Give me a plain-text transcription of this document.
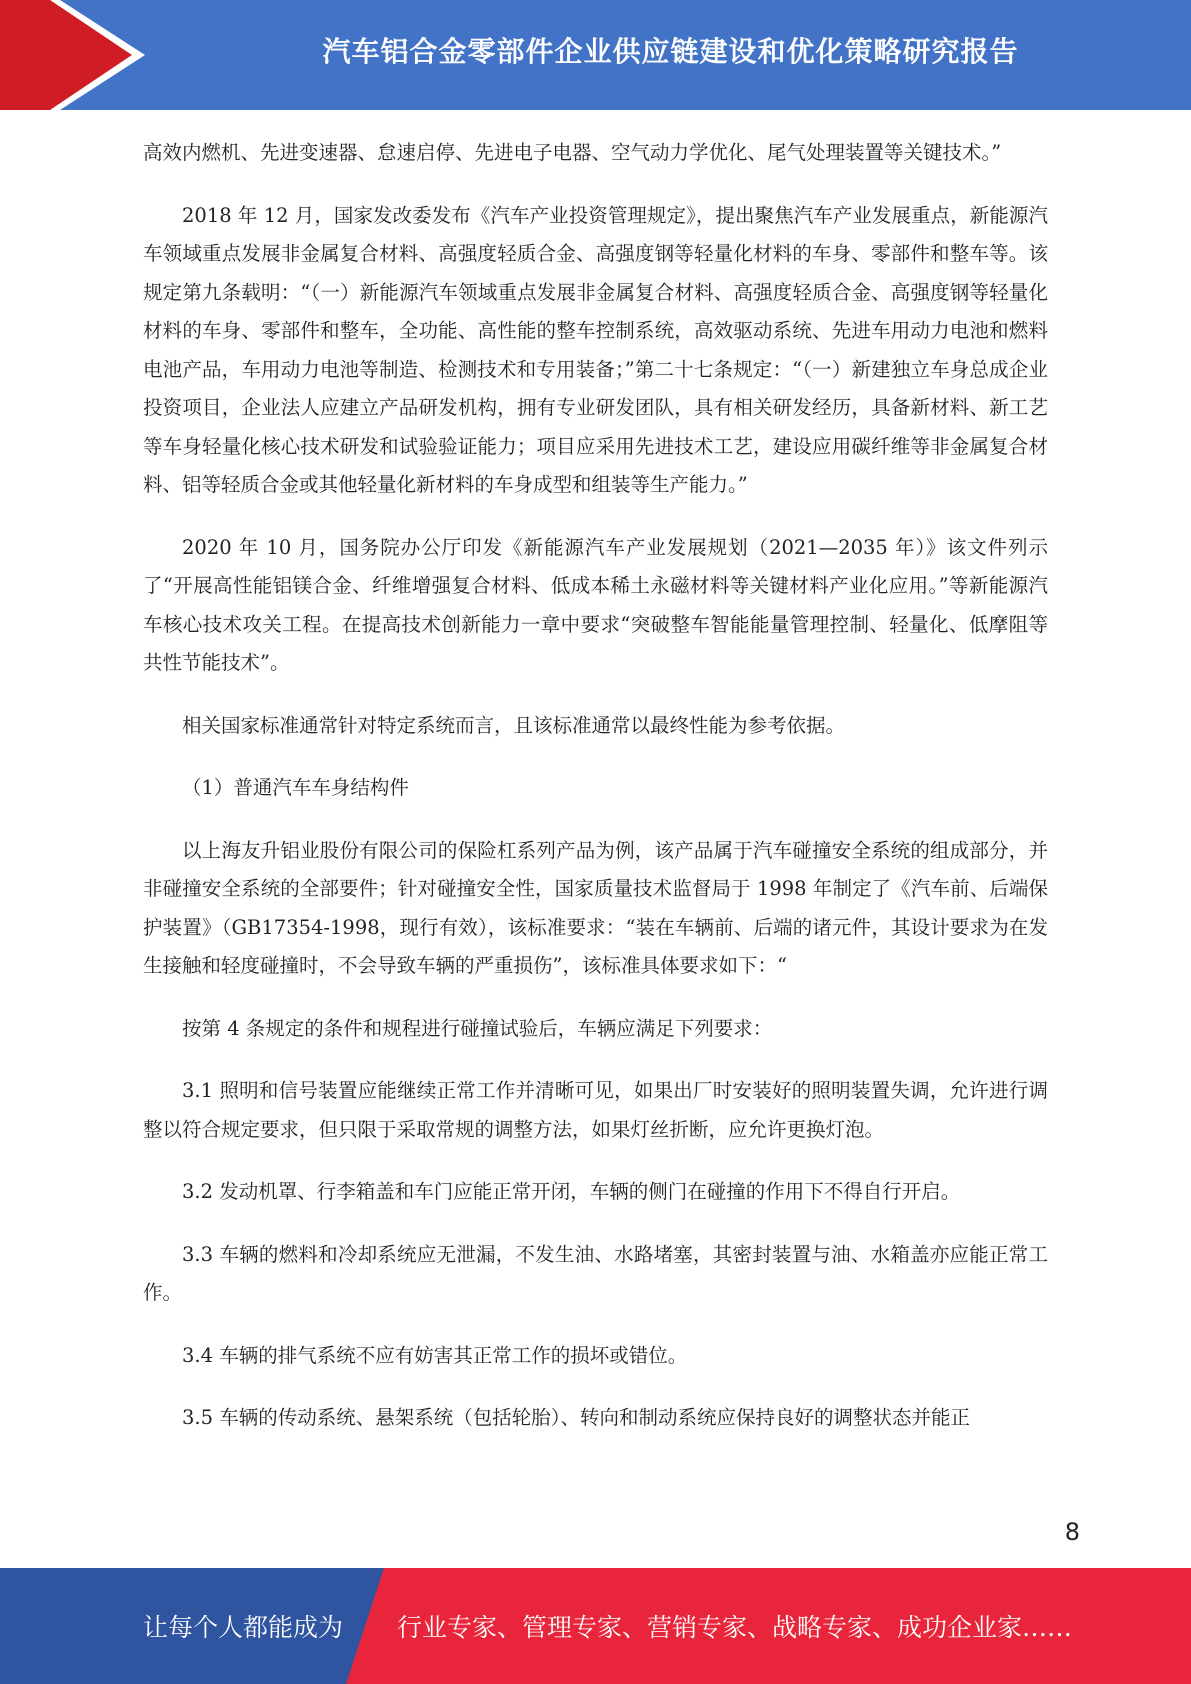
汽车铝合金零部件企业供应链建设和优化策略研究报告

高效内燃机、先进变速器、怠速启停、先进电子电器、空气动力学优化、尾气处理装置等关键技术。”

2018 年 12 月，国家发改委发布《汽车产业投资管理规定》，提出聚焦汽车产业发展重点，新能源汽车领域重点发展非金属复合材料、高强度轻质合金、高强度钢等轻量化材料的车身、零部件和整车等。该规定第九条载明：“（一）新能源汽车领域重点发展非金属复合材料、高强度轻质合金、高强度钢等轻量化材料的车身、零部件和整车，全功能、高性能的整车控制系统，高效驱动系统、先进车用动力电池和燃料电池产品，车用动力电池等制造、检测技术和专用装备；”第二十七条规定：“（一）新建独立车身总成企业投资项目，企业法人应建立产品研发机构，拥有专业研发团队，具有相关研发经历，具备新材料、新工艺等车身轻量化核心技术研发和试验验证能力；项目应采用先进技术工艺，建设应用碳纤维等非金属复合材料、铝等轻质合金或其他轻量化新材料的车身成型和组装等生产能力。”

2020 年 10 月，国务院办公厅印发《新能源汽车产业发展规划（2021—2035 年）》该文件列示了“开展高性能铝镁合金、纤维增强复合材料、低成本稀土永磁材料等关键材料产业化应用。”等新能源汽车核心技术攻关工程。在提高技术创新能力一章中要求“突破整车智能能量管理控制、轻量化、低摩阻等共性节能技术”。

相关国家标准通常针对特定系统而言，且该标准通常以最终性能为参考依据。

（1）普通汽车车身结构件

以上海友升铝业股份有限公司的保险杠系列产品为例，该产品属于汽车碰撞安全系统的组成部分，并非碰撞安全系统的全部要件；针对碰撞安全性，国家质量技术监督局于 1998 年制定了《汽车前、后端保护装置》（GB17354-1998，现行有效），该标准要求：“装在车辆前、后端的诸元件，其设计要求为在发生接触和轻度碰撞时，不会导致车辆的严重损伤”，该标准具体要求如下：“

按第 4 条规定的条件和规程进行碰撞试验后，车辆应满足下列要求：

3.1 照明和信号装置应能继续正常工作并清晰可见，如果出厂时安装好的照明装置失调，允许进行调整以符合规定要求，但只限于采取常规的调整方法，如果灯丝折断，应允许更换灯泡。

3.2 发动机罩、行李箱盖和车门应能正常开闭，车辆的侧门在碰撞的作用下不得自行开启。

3.3 车辆的燃料和冷却系统应无泄漏，不发生油、水路堵塞，其密封装置与油、水箱盖亦应能正常工作。

3.4 车辆的排气系统不应有妨害其正常工作的损坏或错位。

3.5 车辆的传动系统、悬架系统（包括轮胎）、转向和制动系统应保持良好的调整状态并能正

8
让每个人都能成为 行业专家、管理专家、营销专家、战略专家、成功企业家……
